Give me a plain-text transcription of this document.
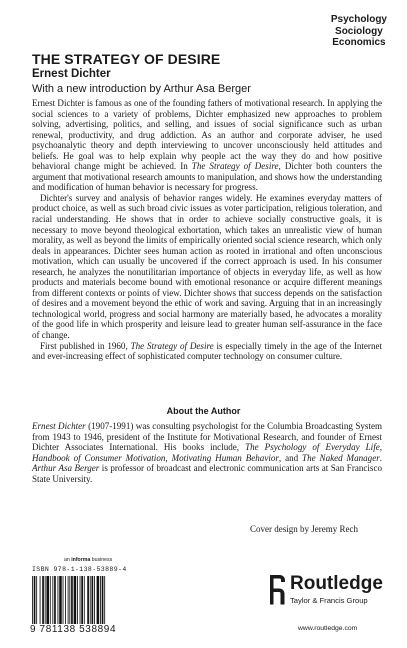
Psychology
Sociology
Economics
THE STRATEGY OF DESIRE
Ernest Dichter
With a new introduction by Arthur Asa Berger

Ernest Dichter is famous as one of the founding fathers of motivational research. In applying the social sciences to a variety of problems, Dichter emphasized new approaches to problem solving, advertising, politics, and selling, and issues of social significance such as urban renewal, productivity, and drug addiction. As an author and corporate adviser, he used psychoanalytic theory and depth interviewing to uncover unconsciously held attitudes and beliefs. He goal was to help explain why people act the way they do and how positive behavioral change might be achieved. In The Strategy of Desire, Dichter both counters the argument that motivational research amounts to manipulation, and shows how the understanding and modification of human behavior is necessary for progress.

Dichter's survey and analysis of behavior ranges widely. He examines everyday matters of product choice, as well as such broad civic issues as voter participation, religious toleration, and racial understanding. He shows that in order to achieve socially constructive goals, it is necessary to move beyond theological exhortation, which takes an unrealistic view of human morality, as well as beyond the limits of empirically oriented social science research, which only deals in appearances. Dichter sees human action as rooted in irrational and often unconscious motivation, which can usually be uncovered if the correct approach is used. In his consumer research, he analyzes the nonutilitarian importance of objects in everyday life, as well as how products and materials become bound with emotional resonance or acquire different meanings from different contexts or points of view. Dichter shows that success depends on the satisfaction of desires and a movement beyond the ethic of work and saving. Arguing that in an increasingly technological world, progress and social harmony are materially based, he advocates a morality of the good life in which prosperity and leisure lead to greater human self-assurance in the face of change.

First published in 1960, The Strategy of Desire is especially timely in the age of the Internet and ever-increasing effect of sophisticated computer technology on consumer culture.

About the Author

Ernest Dichter (1907-1991) was consulting psychologist for the Columbia Broadcasting System from 1943 to 1946, president of the Institute for Motivational Research, and founder of Ernest Dichter Associates International. His books include, The Psychology of Everyday Life, Handbook of Consumer Motivation, Motivating Human Behavior, and The Naked Manager. Arthur Asa Berger is professor of broadcast and electronic communication arts at San Francisco State University.

Cover design by Jeremy Rech
an informa business
ISBN 978-1-138-53889-4
9 781138 538894
Routledge
Taylor & Francis Group
www.routledge.com
